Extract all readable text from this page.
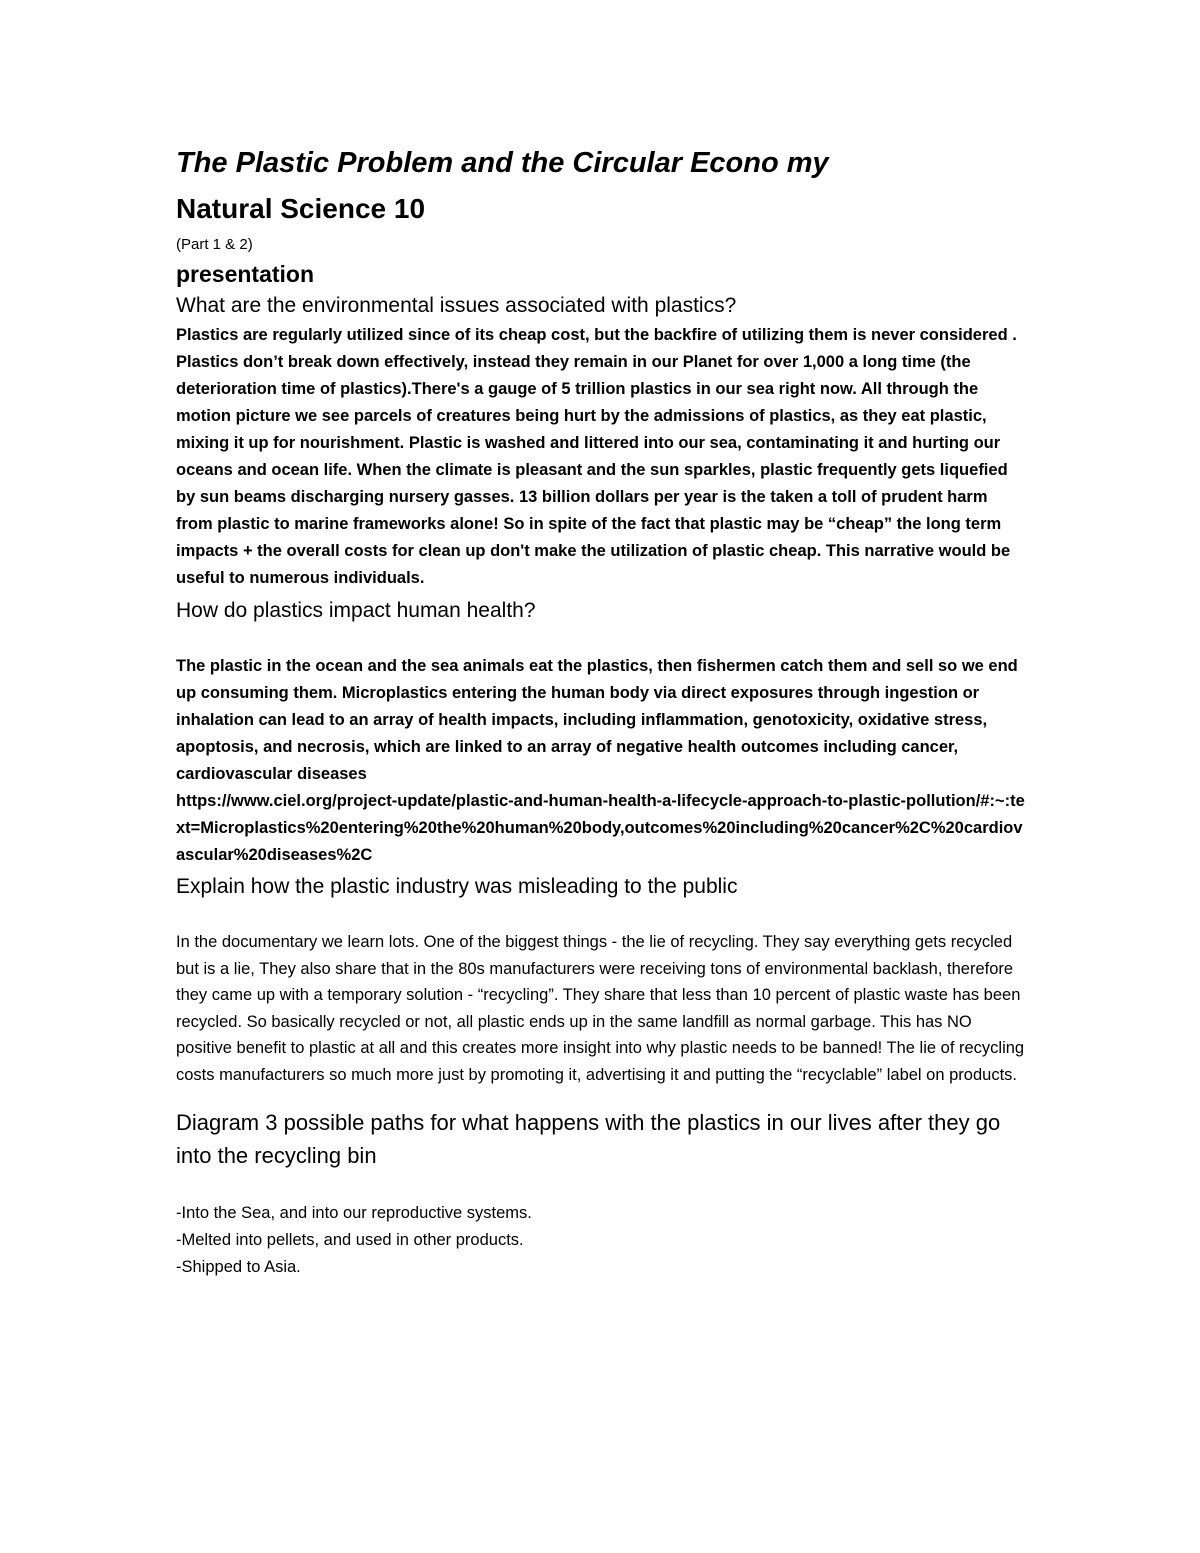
The Plastic Problem and the Circular Econo my
Natural Science 10

(Part 1 & 2)

presentation

What are the environmental issues associated with plastics?

Plastics are regularly utilized since of its cheap cost, but the backfire of utilizing them is never considered . Plastics don’t break down effectively, instead they remain in our Planet for over 1,000 a long time (the deterioration time of plastics).There's a gauge of 5 trillion plastics in our sea right now. All through the motion picture we see parcels of creatures being hurt by the admissions of plastics, as they eat plastic, mixing it up for nourishment. Plastic is washed and littered into our sea, contaminating it and hurting our oceans and ocean life. When the climate is pleasant and the sun sparkles, plastic frequently gets liquefied by sun beams discharging nursery gasses. 13 billion dollars per year is the taken a toll of prudent harm from plastic to marine frameworks alone! So in spite of the fact that plastic may be “cheap” the long term impacts + the overall costs for clean up don't make the utilization of plastic cheap. This narrative would be useful to numerous individuals.

How do plastics impact human health?

The plastic in the ocean and the sea animals eat the plastics, then fishermen catch them and sell so we end up consuming them. Microplastics entering the human body via direct exposures through ingestion or inhalation can lead to an array of health impacts, including inflammation, genotoxicity, oxidative stress, apoptosis, and necrosis, which are linked to an array of negative health outcomes including cancer, cardiovascular diseases

https://www.ciel.org/project-update/plastic-and-human-health-a-lifecycle-approach-to-plastic-pollution/#:~:text=Microplastics%20entering%20the%20human%20body,outcomes%20including%20cancer%2C%20cardiovascular%20diseases%2C

Explain how the plastic industry was misleading to the public

In the documentary we learn lots. One of the biggest things - the lie of recycling. They say everything gets recycled but is a lie, They also share that in the 80s manufacturers were receiving tons of environmental backlash, therefore they came up with a temporary solution - “recycling”. They share that less than 10 percent of plastic waste has been recycled. So basically recycled or not, all plastic ends up in the same landfill as normal garbage. This has NO positive benefit to plastic at all and this creates more insight into why plastic needs to be banned! The lie of recycling costs manufacturers so much more just by promoting it, advertising it and putting the “recyclable” label on products.

Diagram 3 possible paths for what happens with the plastics in our lives after they go into the recycling bin

-Into the Sea, and into our reproductive systems.

-Melted into pellets, and used in other products.

-Shipped to Asia.
